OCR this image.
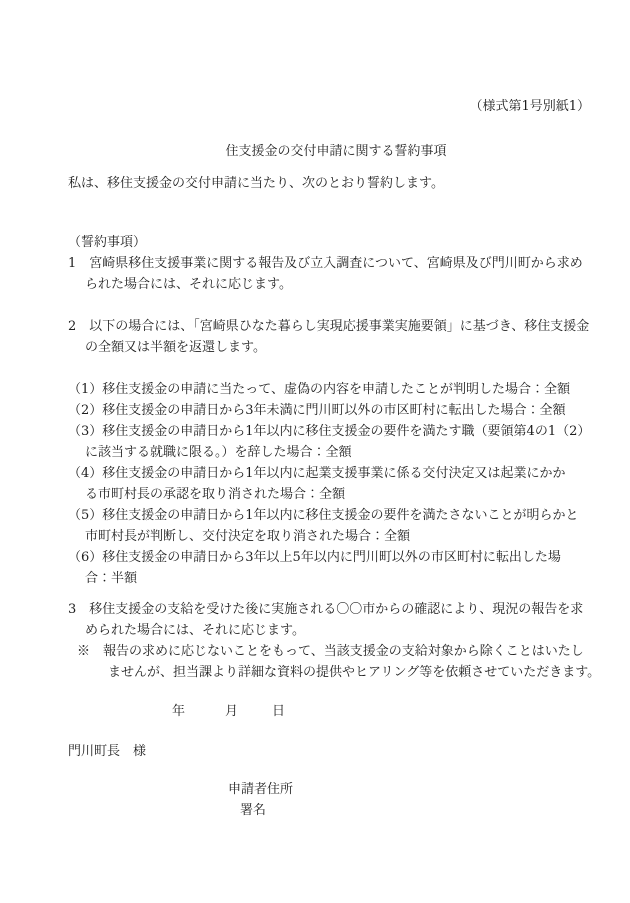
（様式第1号別紙1）
住支援金の交付申請に関する誓約事項
私は、移住支援金の交付申請に当たり、次のとおり誓約します。
（誓約事項）
1　宮崎県移住支援事業に関する報告及び立入調査について、宮崎県及び門川町から求め
られた場合には、それに応じます。
2　以下の場合には、「宮崎県ひなた暮らし実現応援事業実施要領」に基づき、移住支援金
の全額又は半額を返還します。
（1）移住支援金の申請に当たって、虚偽の内容を申請したことが判明した場合：全額
（2）移住支援金の申請日から3年未満に門川町以外の市区町村に転出した場合：全額
（3）移住支援金の申請日から1年以内に移住支援金の要件を満たす職（要領第4の1（2）
に該当する就職に限る。）を辞した場合：全額
（4）移住支援金の申請日から1年以内に起業支援事業に係る交付決定又は起業にかか
る市町村長の承認を取り消された場合：全額
（5）移住支援金の申請日から1年以内に移住支援金の要件を満たさないことが明らかと
市町村長が判断し、交付決定を取り消された場合：全額
（6）移住支援金の申請日から3年以上5年以内に門川町以外の市区町村に転出した場
合：半額
3　移住支援金の支給を受けた後に実施される〇〇市からの確認により、現況の報告を求
められた場合には、それに応じます。
※　報告の求めに応じないことをもって、当該支援金の支給対象から除くことはいたし
ませんが、担当課より詳細な資料の提供やヒアリング等を依頼させていただきます。
年	月	日
門川町長　様
申請者住所
署名
